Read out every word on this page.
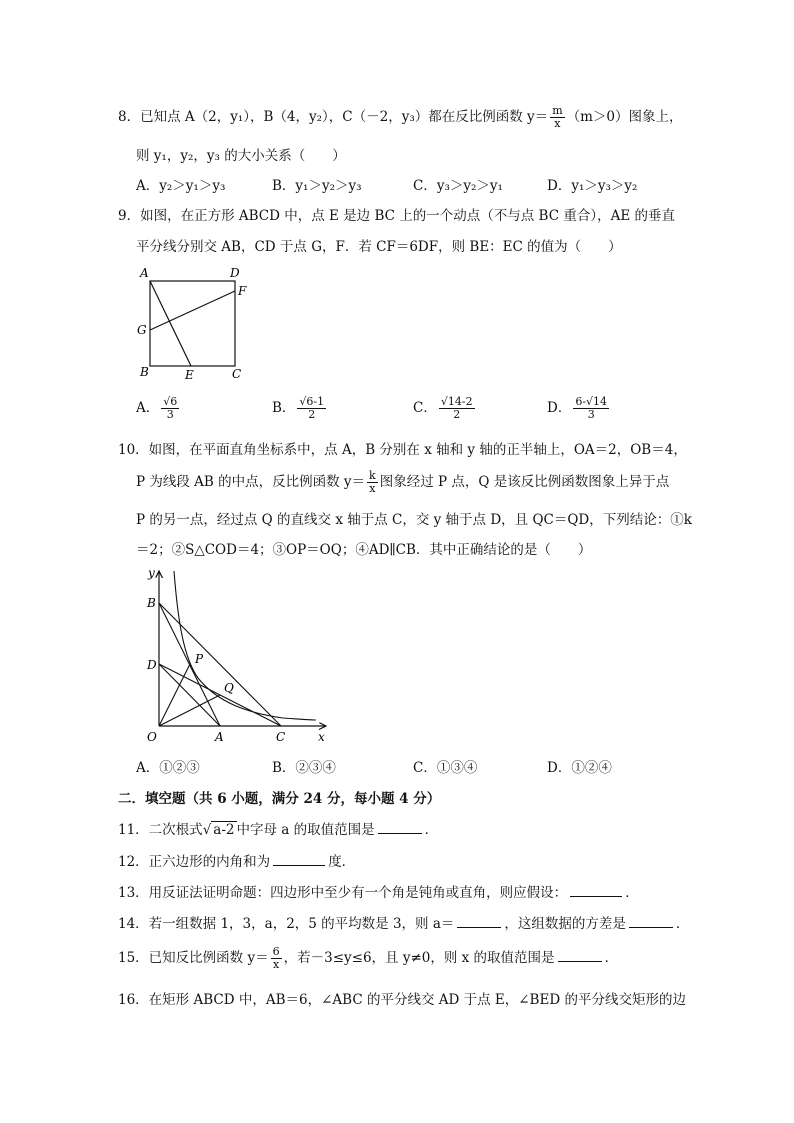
8．已知点 A（2，y₁），B（4，y₂），C（－2，y₃）都在反比例函数 $y= \frac{m}{x} (m>0)$图象上，
则 y₁，y₂，y₃ 的大小关系（　　）
A．y₂＞y₁＞y₃	B．y₁＞y₂＞y₃	C．y₃＞y₂＞y₁	D．y₁＞y₃＞y₂
9．如图，在正方形 ABCD 中，点 E 是边 BC 上的一个动点（不与点 BC 重合），AE 的垂直
平分线分别交 AB，CD 于点 G，F．若 CF＝6DF，则 BE：EC 的值为（　　）
A	D
F
G
B	E	C
A． $\frac{√6}{3}$	B． $\frac{√6-1}{2}$	C． $\frac{√14-2}{2}$	D． $\frac{6-√14}{3}$
10．如图，在平面直角坐标系中，点 A，B 分别在 x 轴和 y 轴的正半轴上，OA＝2，OB＝4，
P 为线段 AB 的中点，反比例函数 $y= \frac{k}{x}$ 图象经过 P 点，Q 是该反比例函数图象上异于点
P 的另一点，经过点 Q 的直线交 x 轴于点 C，交 y 轴于点 D，且 QC＝QD，下列结论：①k
＝2；②S△COD＝4；③OP＝OQ；④AD∥CB．其中正确结论的是（　　）
y
B
D	P
Q
O	A	C	x
A．①②③	B．②③④	C．①③④	D．①②④
二．填空题（共 6 小题，满分 24 分，每小题 4 分）
11．二次根式√ a-2 中字母 a 的取值范围是	．
12．正六边形的内角和为	度．
13．用反证法证明命题：四边形中至少有一个角是钝角或直角，则应假设：	．
14．若一组数据 1，3，a，2，5 的平均数是 3，则 a＝	，这组数据的方差是	．
15．已知反比例函数 $y= \frac{6}{x}$ ，若－3≤y≤6，且 y≠0，则 x 的取值范围是	．
16．在矩形 ABCD 中，AB＝6，∠ABC 的平分线交 AD 于点 E，∠BED 的平分线交矩形的边
